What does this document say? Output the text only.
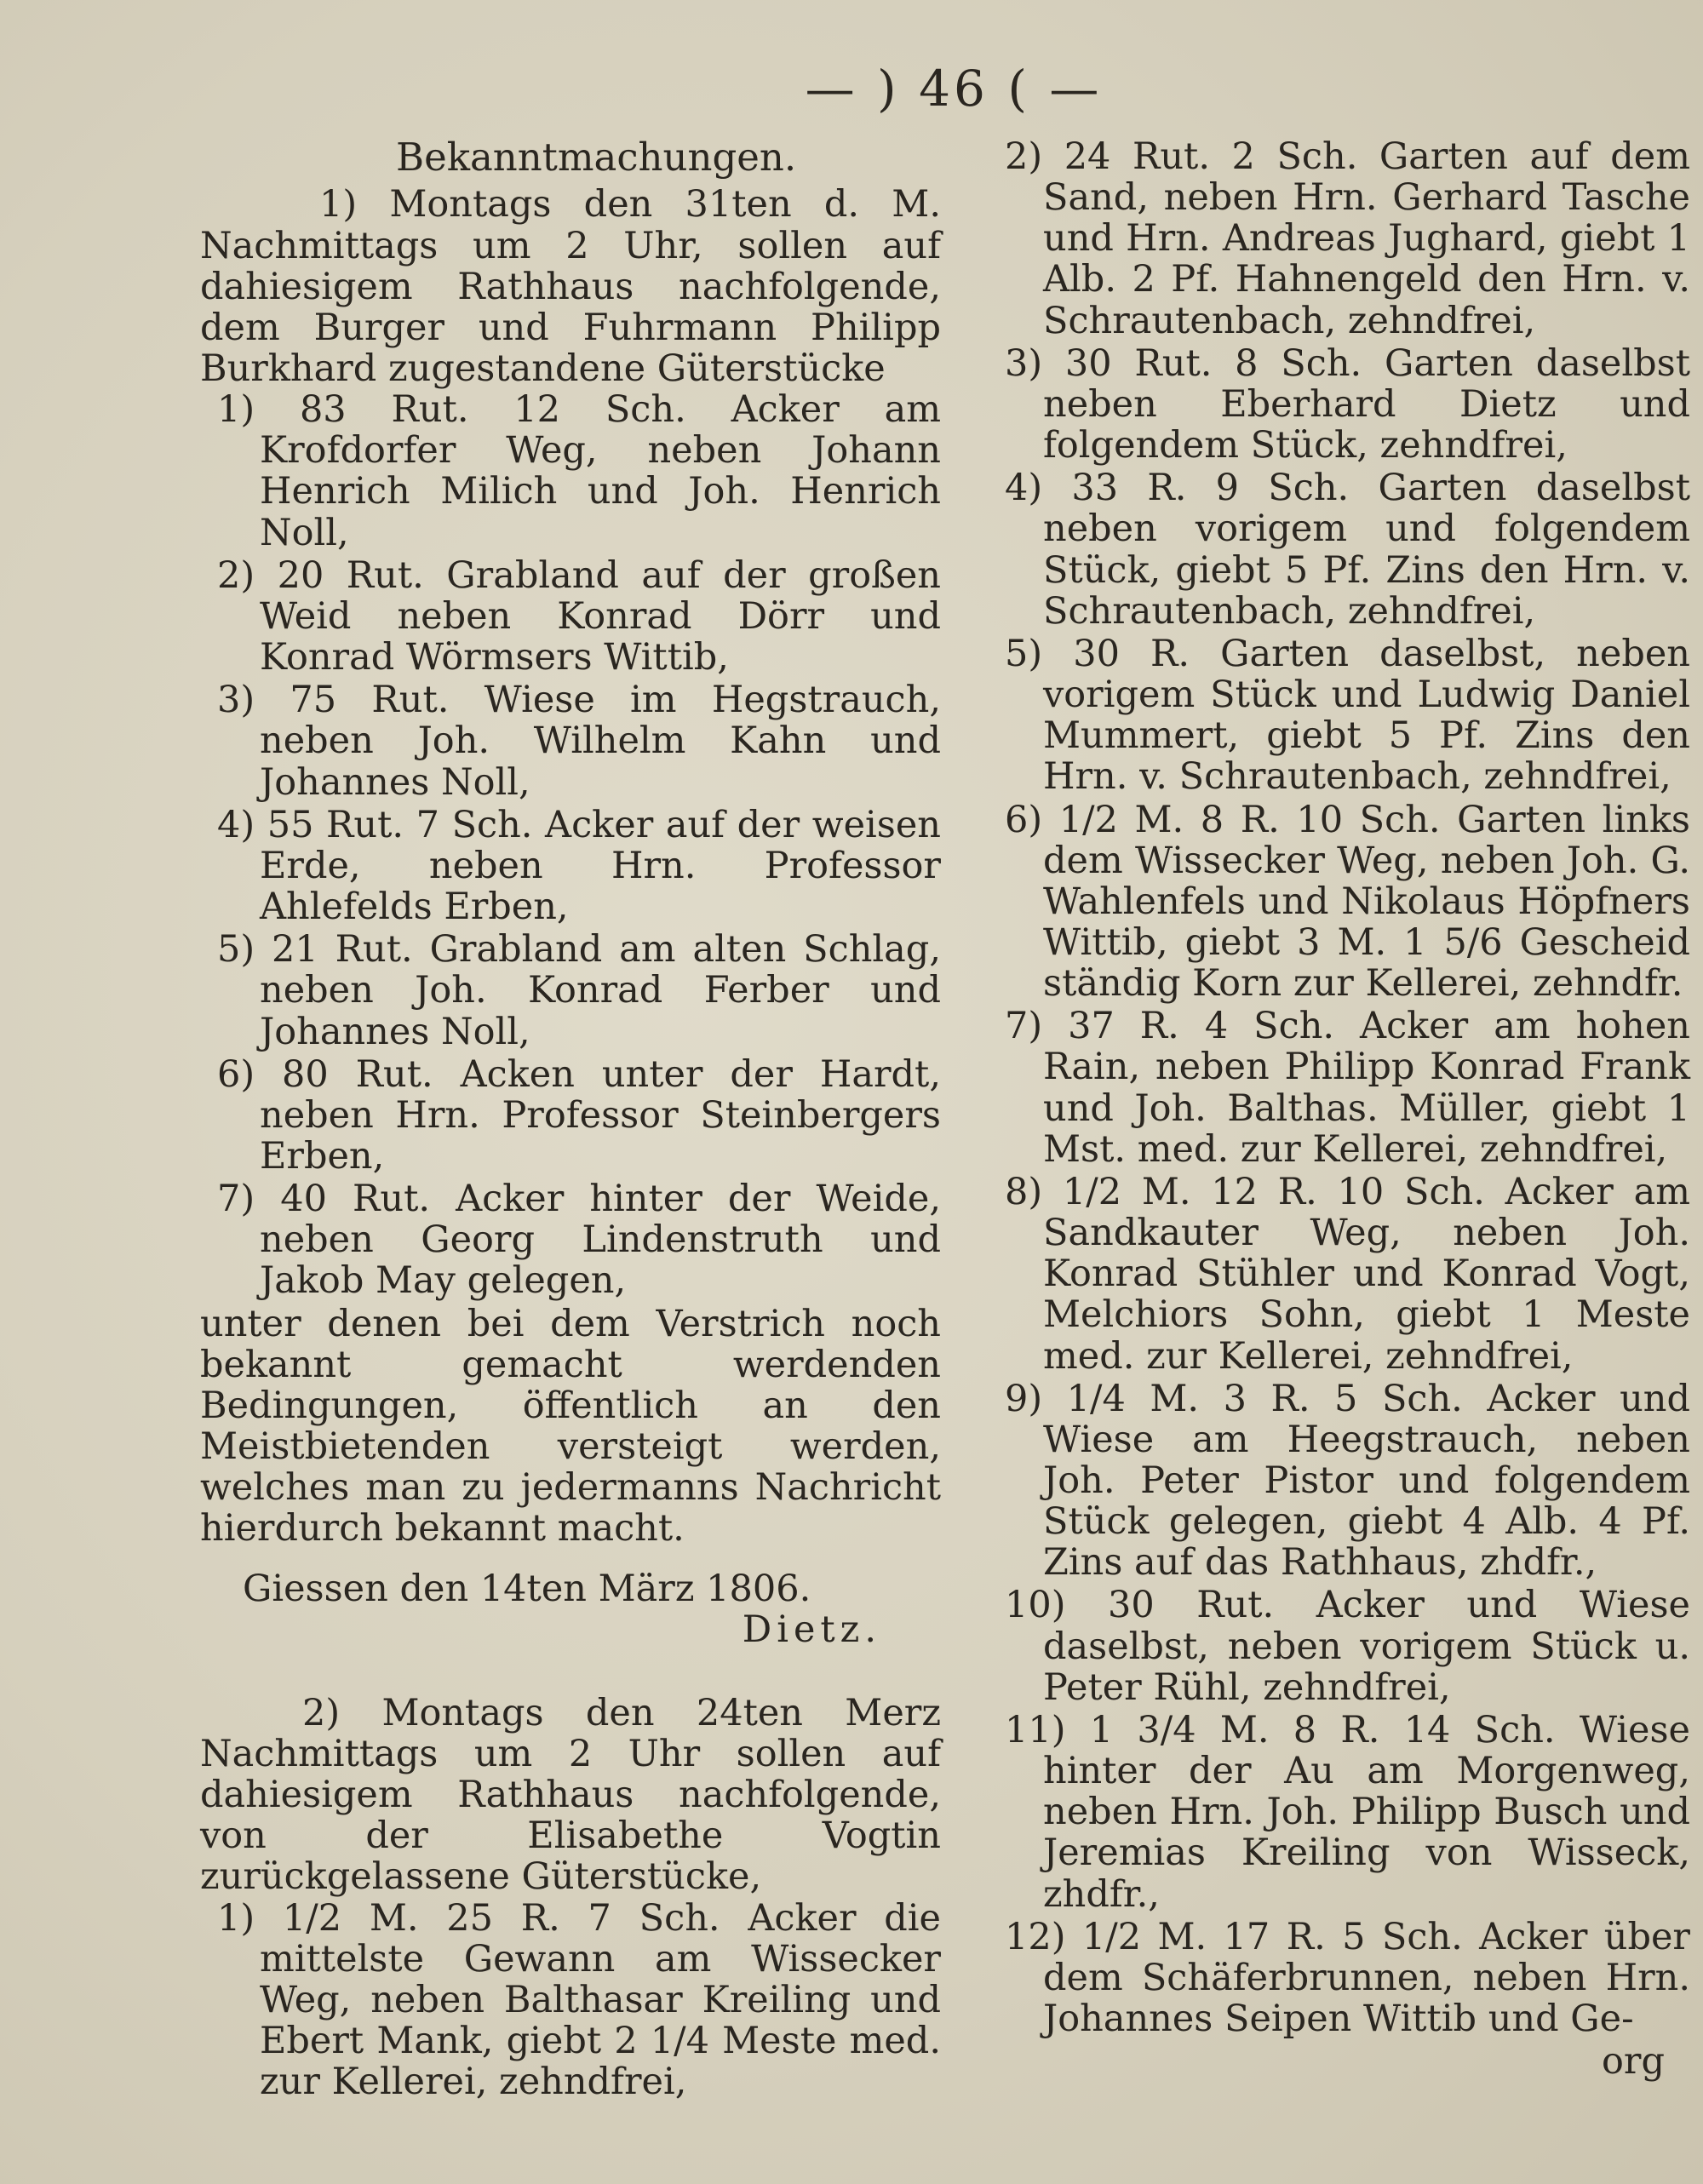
— ) 46 ( —

Bekanntmachungen.

1) Montags den 31ten d. M. Nachmittags um 2 Uhr, sollen auf dahiesigem Rathhaus nachfolgende, dem Burger und Fuhrmann Philipp Burkhard zugestandene Güterstücke

1) 83 Rut. 12 Sch. Acker am Krofdorfer Weg, neben Johann Henrich Milich und Joh. Henrich Noll,

2) 20 Rut. Grabland auf der großen Weid neben Konrad Dörr und Konrad Wörmsers Wittib,

3) 75 Rut. Wiese im Hegstrauch, neben Joh. Wilhelm Kahn und Johannes Noll,

4) 55 Rut. 7 Sch. Acker auf der weisen Erde, neben Hrn. Professor Ahlefelds Erben,

5) 21 Rut. Grabland am alten Schlag, neben Joh. Konrad Ferber und Johannes Noll,

6) 80 Rut. Acken unter der Hardt, neben Hrn. Professor Steinbergers Erben,

7) 40 Rut. Acker hinter der Weide, neben Georg Lindenstruth und Jakob May gelegen,

unter denen bei dem Verstrich noch bekannt gemacht werdenden Bedingungen, öffentlich an den Meistbietenden versteigt werden, welches man zu jedermanns Nachricht hierdurch bekannt macht.

Giessen den 14ten März 1806.

Dietz.

2) Montags den 24ten Merz Nachmittags um 2 Uhr sollen auf dahiesigem Rathhaus nachfolgende, von der Elisabethe Vogtin zurückgelassene Güterstücke,

1) 1/2 M. 25 R. 7 Sch. Acker die mittelste Gewann am Wissecker Weg, neben Balthasar Kreiling und Ebert Mank, giebt 2 1/4 Meste med. zur Kellerei, zehndfrei,

2) 24 Rut. 2 Sch. Garten auf dem Sand, neben Hrn. Gerhard Tasche und Hrn. Andreas Jughard, giebt 1 Alb. 2 Pf. Hahnengeld den Hrn. v. Schrautenbach, zehndfrei,

3) 30 Rut. 8 Sch. Garten daselbst neben Eberhard Dietz und folgendem Stück, zehndfrei,

4) 33 R. 9 Sch. Garten daselbst neben vorigem und folgendem Stück, giebt 5 Pf. Zins den Hrn. v. Schrautenbach, zehndfrei,

5) 30 R. Garten daselbst, neben vorigem Stück und Ludwig Daniel Mummert, giebt 5 Pf. Zins den Hrn. v. Schrautenbach, zehndfrei,

6) 1/2 M. 8 R. 10 Sch. Garten links dem Wissecker Weg, neben Joh. G. Wahlenfels und Nikolaus Höpfners Wittib, giebt 3 M. 1 5/6 Gescheid ständig Korn zur Kellerei, zehndfr.

7) 37 R. 4 Sch. Acker am hohen Rain, neben Philipp Konrad Frank und Joh. Balthas. Müller, giebt 1 Mst. med. zur Kellerei, zehndfrei,

8) 1/2 M. 12 R. 10 Sch. Acker am Sandkauter Weg, neben Joh. Konrad Stühler und Konrad Vogt, Melchiors Sohn, giebt 1 Meste med. zur Kellerei, zehndfrei,

9) 1/4 M. 3 R. 5 Sch. Acker und Wiese am Heegstrauch, neben Joh. Peter Pistor und folgendem Stück gelegen, giebt 4 Alb. 4 Pf. Zins auf das Rathhaus, zhdfr.,

10) 30 Rut. Acker und Wiese daselbst, neben vorigem Stück u. Peter Rühl, zehndfrei,

11) 1 3/4 M. 8 R. 14 Sch. Wiese hinter der Au am Morgenweg, neben Hrn. Joh. Philipp Busch und Jeremias Kreiling von Wisseck, zhdfr.,

12) 1/2 M. 17 R. 5 Sch. Acker über dem Schäferbrunnen, neben Hrn. Johannes Seipen Wittib und Ge-

org
